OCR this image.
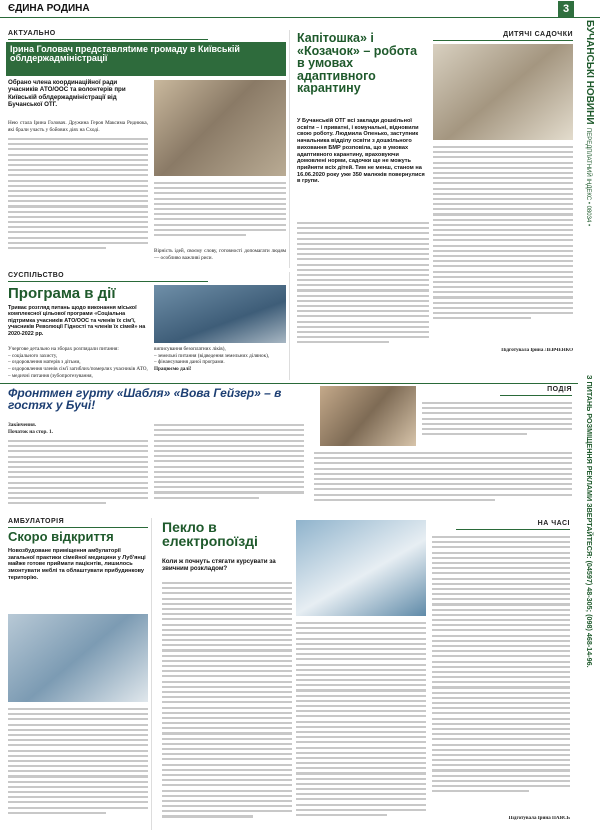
ЄДИНА РОДИНА	3
БУЧАНСЬКІ НОВИНИ  ПЕРЕДПЛАТНИЙ ІНДЕКС • 08034 •
З ПИТАНЬ РОЗМІЩЕННЯ РЕКЛАМИ ЗВЕРТАЙТЕСЯ: (04597) 48-305; (098) 468-14-96.
АКТУАЛЬНО
Ірина Головач представляtиме громаду в Київській облдержадміністрації
Обрано члена координаційної ради учасників АТО/ООС та волонтерів при Київській облдержадміністрації від Бучанської ОТГ.
Нею стала Ірина Головач. Дружина Героя Максима Риднюка, які брали участь у бойових діях на Сході.
Вірність ідей, своєму слову, готовності допомагати людям — особливо важливі риси.
Капітошка» і «Козачок» – робота в умовах адаптивного карантину
ДИТЯЧІ САДОЧКИ
У Бучанській ОТГ всі заклади дошкільної освіти – і приватні, і комунальні, відновили свою роботу. Людмила Опенько, заступник начальника відділу освіти з дошкільного виховання БМР розповіла, що в умовах адаптивного карантину, враховуючи домовлені норми, садочки ще не можуть прийняти всіх дітей. Тим не менш, станом на 16.06.2020 року уже 350 малюків повернулися в групи.
Підготувала Ірина ЛЕВЧЕНКО
СУСПІЛЬСТВО
Програма в дії
Триває розгляд питань щодо виконання міської комплексної цільової програми «Соціальна підтримка учасників АТО/ООС та членів їх сім'ї, учасників Революції Гідності та членів їх сімей» на 2020-2022 рр.
Учергове детально на зборах розглядали питання:
– соціального захисту,
– оздоровлення матерів з дітьми,
– оздоровлення членів сім'ї загиблих/померлих учасників АТО,
– медичні питання (зубопротезування,
виписування безоплатних ліків),
– земельні питання (відведення земельних ділянок),
– фінансування даної програми.
Працюємо далі!
Фронтмен гурту «Шабля» «Вова Гейзер» – в гостях у Бучі!
ПОДІЯ
Закінчення.
Початок на стор. 1.
АМБУЛАТОРІЯ
Скоро відкриття
Новозбудоване приміщення амбулаторії загальної практики сімейної медицини у Луб'янці майже готове приймати пацієнтів, лишилось змонтувати меблі та облаштувати прибудинкову територію.
Пекло в електропоїзді
НА ЧАСІ
Коли ж почнуть стягати курсувати за звичним розкладом?
Підготувала Ірина ПАЯСЬ
